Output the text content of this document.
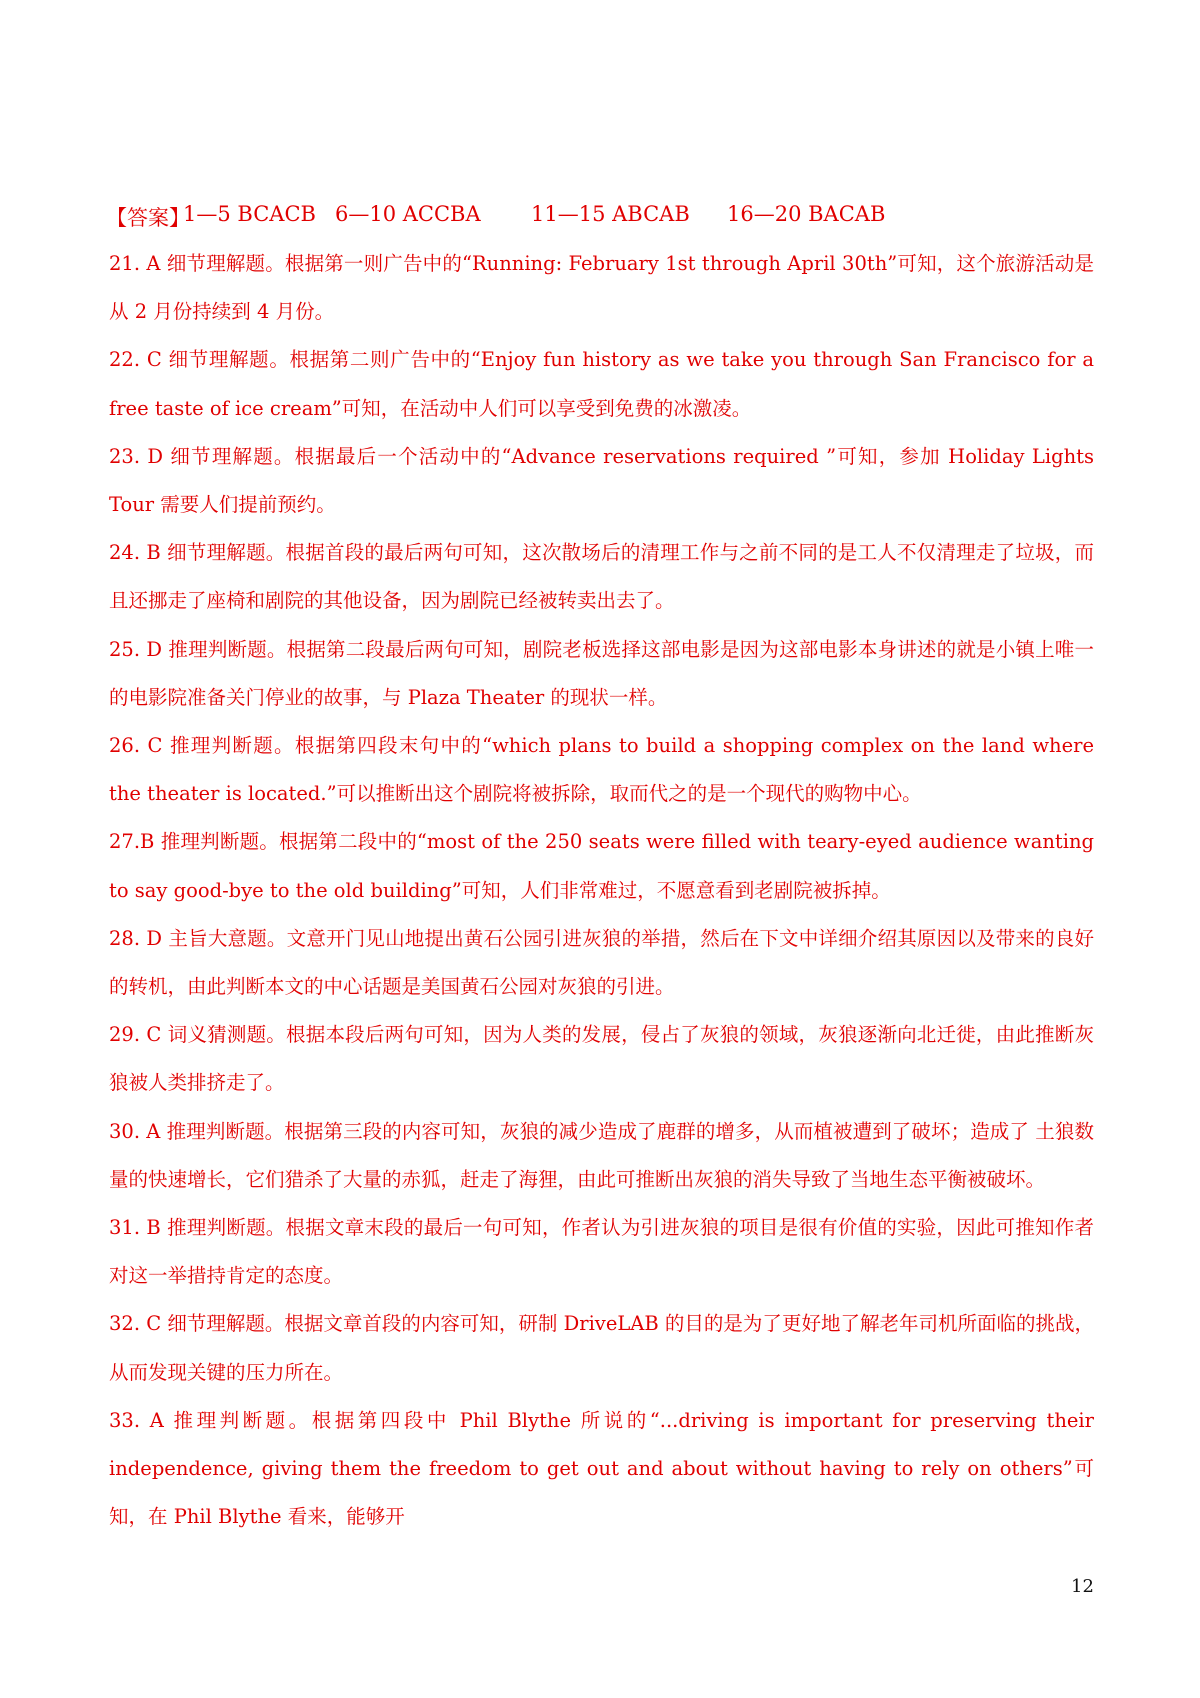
【答案】
1—5 BCACB 6—10 ACCBA 11—15 ABCAB 16—20 BACAB

21. A 细节理解题。根据第一则广告中的“Running: February 1st through April 30th”可知，这个旅游活动是从 2 月份持续到 4 月份。

22. C 细节理解题。根据第二则广告中的“Enjoy fun history as we take you through San Francisco for a free taste of ice cream”可知，在活动中人们可以享受到免费的冰激凌。

23. D 细节理解题。根据最后一个活动中的“Advance reservations required ”可知，参加 Holiday Lights Tour 需要人们提前预约。

24. B 细节理解题。根据首段的最后两句可知，这次散场后的清理工作与之前不同的是工人不仅清理走了垃圾，而且还挪走了座椅和剧院的其他设备，因为剧院已经被转卖出去了。

25. D 推理判断题。根据第二段最后两句可知，剧院老板选择这部电影是因为这部电影本身讲述的就是小镇上唯一的电影院准备关门停业的故事，与 Plaza Theater 的现状一样。

26. C 推理判断题。根据第四段末句中的“which plans to build a shopping complex on the land where the theater is located.”可以推断出这个剧院将被拆除，取而代之的是一个现代的购物中心。

27.B 推理判断题。根据第二段中的“most of the 250 seats were filled with teary-eyed audience wanting to say good-bye to the old building”可知，人们非常难过，不愿意看到老剧院被拆掉。

28. D 主旨大意题。文意开门见山地提出黄石公园引进灰狼的举措，然后在下文中详细介绍其原因以及带来的良好的转机，由此判断本文的中心话题是美国黄石公园对灰狼的引进。

29. C 词义猜测题。根据本段后两句可知，因为人类的发展，侵占了灰狼的领域，灰狼逐渐向北迁徙，由此推断灰狼被人类排挤走了。

30. A 推理判断题。根据第三段的内容可知，灰狼的减少造成了鹿群的增多，从而植被遭到了破坏；造成了 土狼数量的快速增长，它们猎杀了大量的赤狐，赶走了海狸，由此可推断出灰狼的消失导致了当地生态平衡被破坏。

31. B 推理判断题。根据文章末段的最后一句可知，作者认为引进灰狼的项目是很有价值的实验，因此可推知作者对这一举措持肯定的态度。

32. C 细节理解题。根据文章首段的内容可知，研制 DriveLAB 的目的是为了更好地了解老年司机所面临的挑战，从而发现关键的压力所在。

33. A 推理判断题。根据第四段中 Phil Blythe 所说的“...driving is important for preserving their independence, giving them the freedom to get out and about without having to rely on others”可知，在 Phil Blythe 看来，能够开

12
